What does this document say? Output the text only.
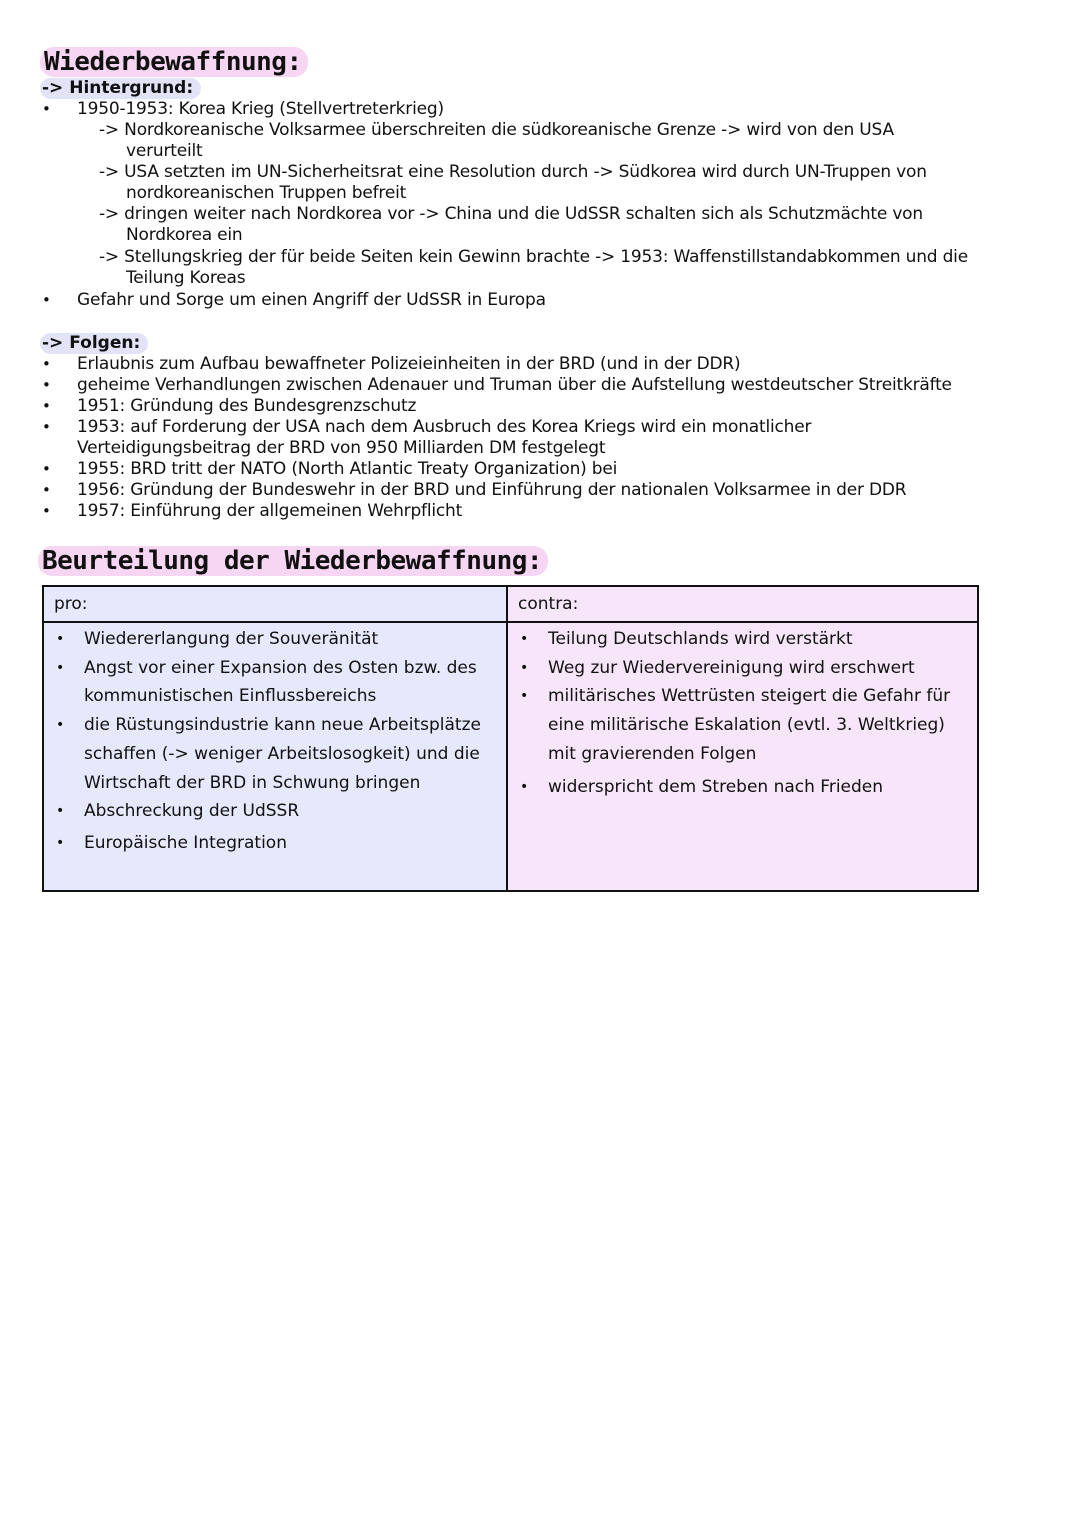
Wiederbewaffnung:
-> Hintergrund:
• 1950-1953: Korea Krieg (Stellvertreterkrieg)
-> Nordkoreanische Volksarmee überschreiten die südkoreanische Grenze -> wird von den USA
verurteilt
-> USA setzten im UN-Sicherheitsrat eine Resolution durch -> Südkorea wird durch UN-Truppen von
nordkoreanischen Truppen befreit
-> dringen weiter nach Nordkorea vor -> China und die UdSSR schalten sich als Schutzmächte von
Nordkorea ein
-> Stellungskrieg der für beide Seiten kein Gewinn brachte -> 1953: Waffenstillstandabkommen und die
Teilung Koreas
• Gefahr und Sorge um einen Angriff der UdSSR in Europa
-> Folgen:
• Erlaubnis zum Aufbau bewaffneter Polizeieinheiten in der BRD (und in der DDR)
• geheime Verhandlungen zwischen Adenauer und Truman über die Aufstellung westdeutscher Streitkräfte
• 1951: Gründung des Bundesgrenzschutz
• 1953: auf Forderung der USA nach dem Ausbruch des Korea Kriegs wird ein monatlicher
Verteidigungsbeitrag der BRD von 950 Milliarden DM festgelegt
• 1955: BRD tritt der NATO (North Atlantic Treaty Organization) bei
• 1956: Gründung der Bundeswehr in der BRD und Einführung der nationalen Volksarmee in der DDR
• 1957: Einführung der allgemeinen Wehrpflicht
Beurteilung der Wiederbewaffnung:
pro:
• Wiedererlangung der Souveränität
• Angst vor einer Expansion des Osten bzw. des kommunistischen Einflussbereichs
• die Rüstungsindustrie kann neue Arbeitsplätze schaffen (-> weniger Arbeitslosogkeit) und die Wirtschaft der BRD in Schwung bringen
• Abschreckung der UdSSR
• Europäische Integration
contra:
• Teilung Deutschlands wird verstärkt
• Weg zur Wiedervereinigung wird erschwert
• militärisches Wettrüsten steigert die Gefahr für eine militärische Eskalation (evtl. 3. Weltkrieg) mit gravierenden Folgen
• widerspricht dem Streben nach Frieden
